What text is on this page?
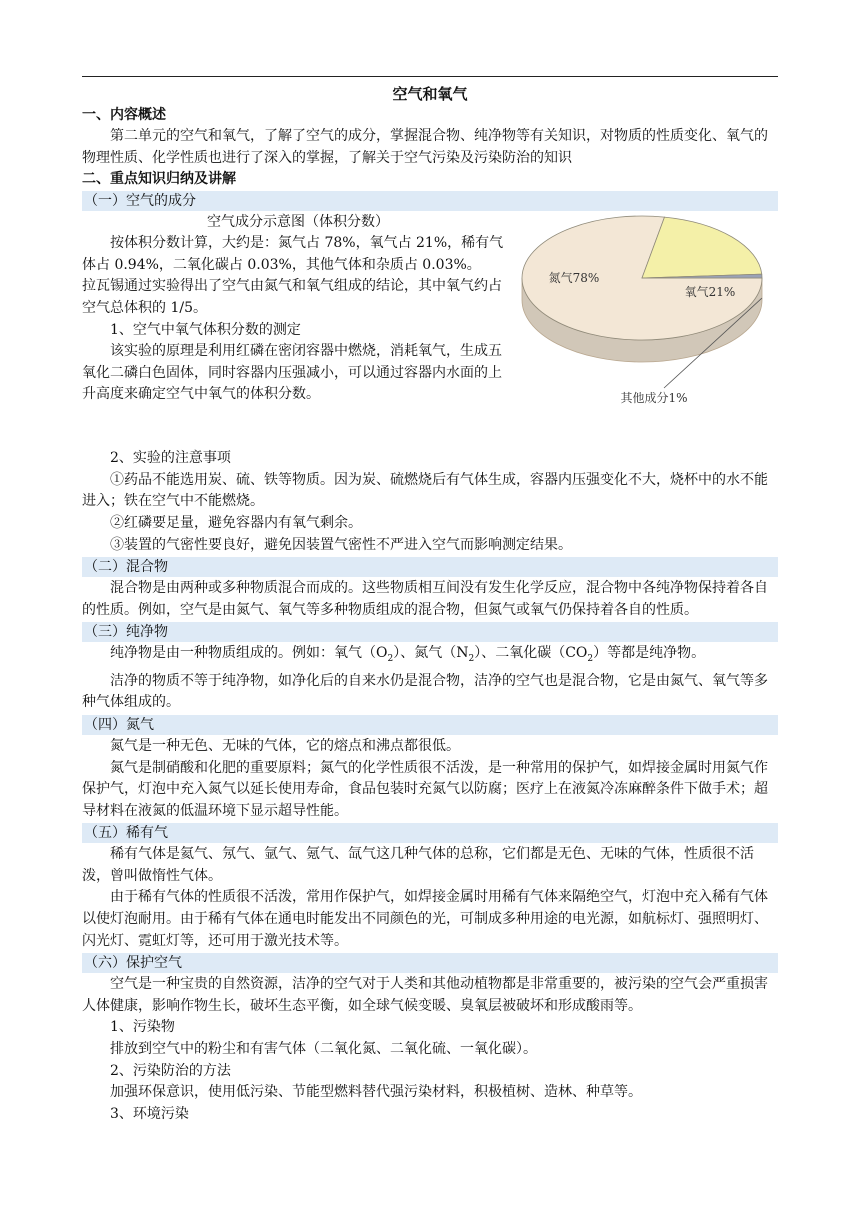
空气和氧气
一、内容概述

第二单元的空气和氧气，了解了空气的成分，掌握混合物、纯净物等有关知识，对物质的性质变化、氧气的物理性质、化学性质也进行了深入的掌握，了解关于空气污染及污染防治的知识

二、重点知识归纳及讲解
（一）空气的成分
氮气78%
氧气21%
其他成分1%
空气成分示意图（体积分数）

按体积分数计算，大约是：氮气占 78%，氧气占 21%，稀有气体占 0.94%，二氧化碳占 0.03%，其他气体和杂质占 0.03%。

拉瓦锡通过实验得出了空气由氮气和氧气组成的结论，其中氧气约占空气总体积的 1/5。

1、空气中氧气体积分数的测定

该实验的原理是利用红磷在密闭容器中燃烧，消耗氧气，生成五氧化二磷白色固体，同时容器内压强减小，可以通过容器内水面的上升高度来确定空气中氧气的体积分数。

2、实验的注意事项

①药品不能选用炭、硫、铁等物质。因为炭、硫燃烧后有气体生成，容器内压强变化不大，烧杯中的水不能进入；铁在空气中不能燃烧。

②红磷要足量，避免容器内有氧气剩余。

③装置的气密性要良好，避免因装置气密性不严进入空气而影响测定结果。

（二）混合物

混合物是由两种或多种物质混合而成的。这些物质相互间没有发生化学反应，混合物中各纯净物保持着各自的性质。例如，空气是由氮气、氧气等多种物质组成的混合物，但氮气或氧气仍保持着各自的性质。

（三）纯净物

纯净物是由一种物质组成的。例如：氧气$(O_2)$、氮气$(N_2)$、二氧化碳$(CO_2)$等都是纯净物。

洁净的物质不等于纯净物，如净化后的自来水仍是混合物，洁净的空气也是混合物，它是由氮气、氧气等多种气体组成的。

（四）氮气

氮气是一种无色、无味的气体，它的熔点和沸点都很低。

氮气是制硝酸和化肥的重要原料；氮气的化学性质很不活泼，是一种常用的保护气，如焊接金属时用氮气作保护气，灯泡中充入氮气以延长使用寿命，食品包装时充氮气以防腐；医疗上在液氮冷冻麻醉条件下做手术；超导材料在液氮的低温环境下显示超导性能。

（五）稀有气

稀有气体是氦气、氖气、氩气、氪气、氙气这几种气体的总称，它们都是无色、无味的气体，性质很不活泼，曾叫做惰性气体。

由于稀有气体的性质很不活泼，常用作保护气，如焊接金属时用稀有气体来隔绝空气，灯泡中充入稀有气体以使灯泡耐用。由于稀有气体在通电时能发出不同颜色的光，可制成多种用途的电光源，如航标灯、强照明灯、闪光灯、霓虹灯等，还可用于激光技术等。

（六）保护空气

空气是一种宝贵的自然资源，洁净的空气对于人类和其他动植物都是非常重要的，被污染的空气会严重损害人体健康，影响作物生长，破坏生态平衡，如全球气候变暖、臭氧层被破坏和形成酸雨等。

1、污染物

排放到空气中的粉尘和有害气体（二氧化氮、二氧化硫、一氧化碳）。

2、污染防治的方法

加强环保意识，使用低污染、节能型燃料替代强污染材料，积极植树、造林、种草等。

3、环境污染
